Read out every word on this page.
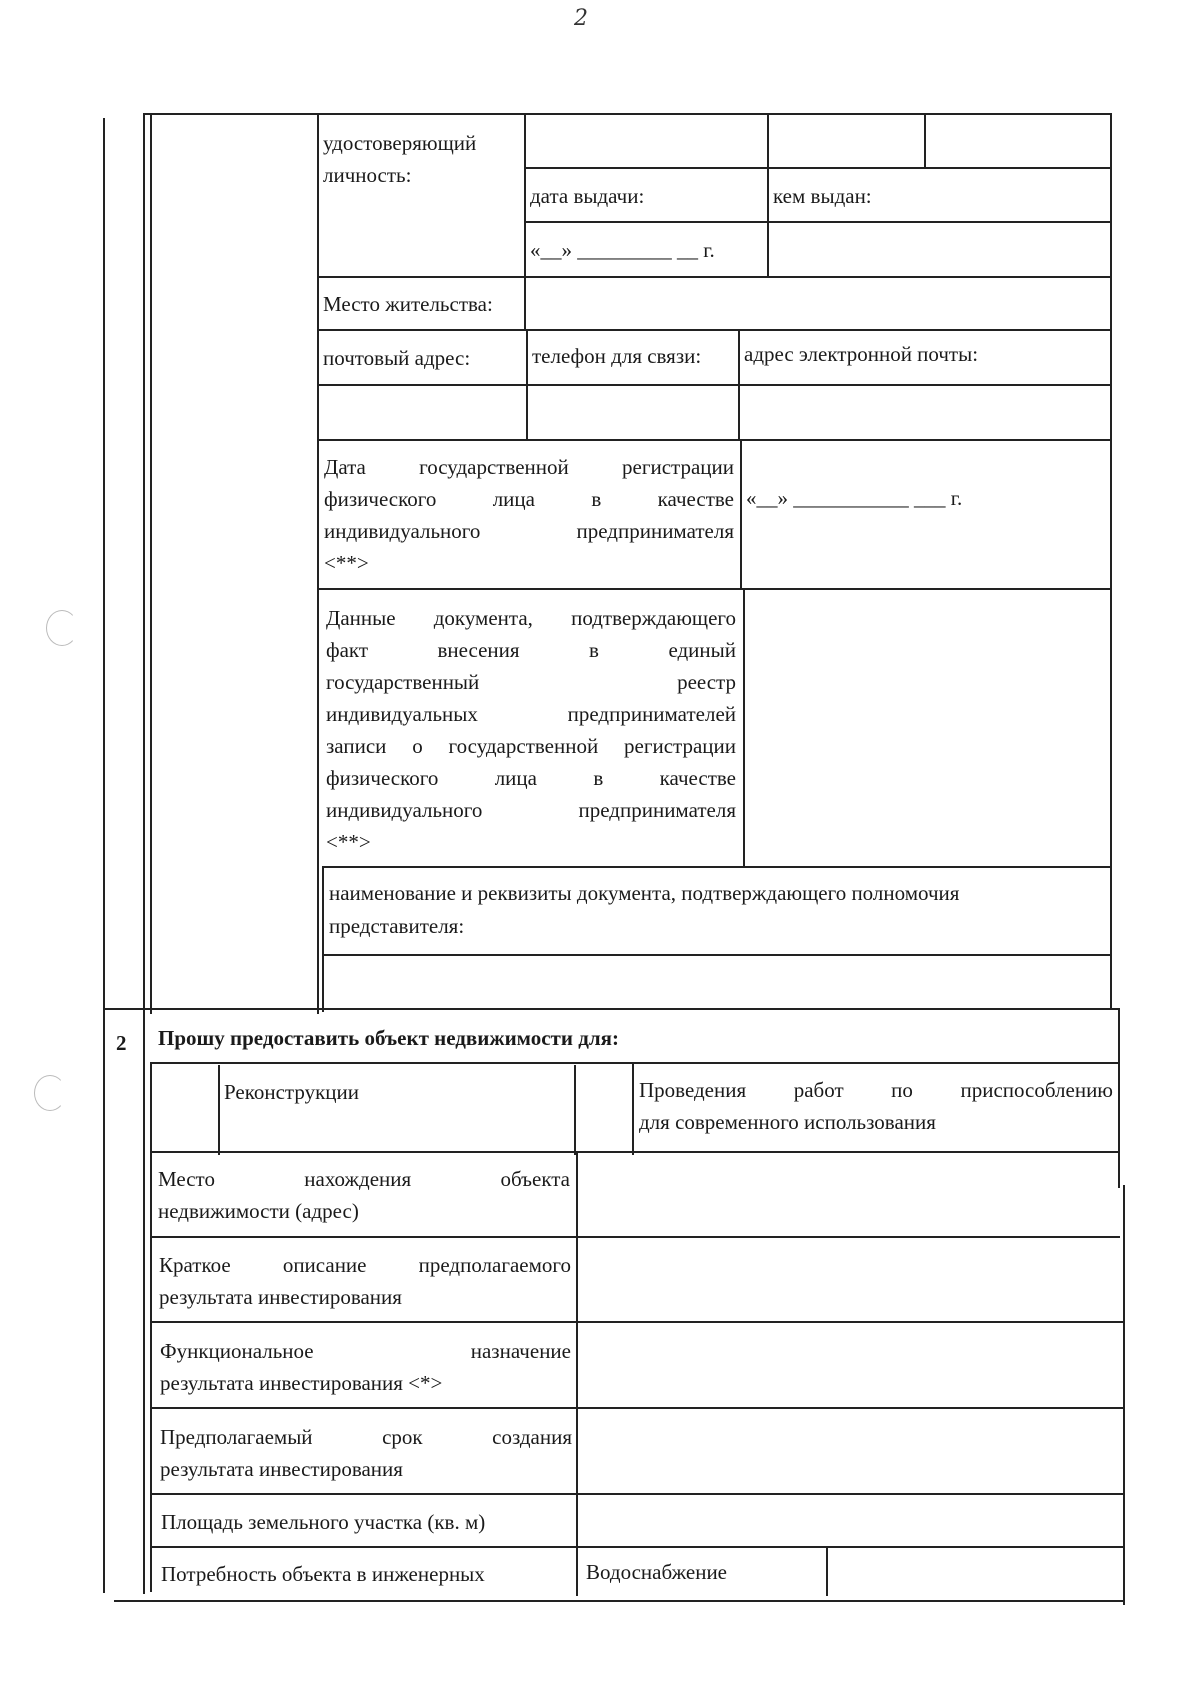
2
удостоверяющий
личность:
дата выдачи:	кем выдан:
«__» _________ __ г.
Место жительства:
почтовый адрес:	телефон для связи: адрес электронной почты:
Дата государственной регистрации
физического лица в качестве
индивидуального предпринимателя
<**>
«__» ___________ ___ г.
Данные документа, подтверждающего
факт внесения в единый
государственный реестр
индивидуальных предпринимателей
записи о государственной регистрации
физического лица в качестве
индивидуального предпринимателя
<**>
наименование и реквизиты документа, подтверждающего полномочия
представителя:
2 Прошу предоставить объект недвижимости для:
Реконструкции	Проведения работ по приспособлению
для современного использования
Место нахождения объекта
недвижимости (адрес)
Краткое описание предполагаемого
результата инвестирования
Функциональное назначение
результата инвестирования <*>
Предполагаемый срок создания
результата инвестирования
Площадь земельного участка (кв. м)
Потребность объекта в инженерных	Водоснабжение
